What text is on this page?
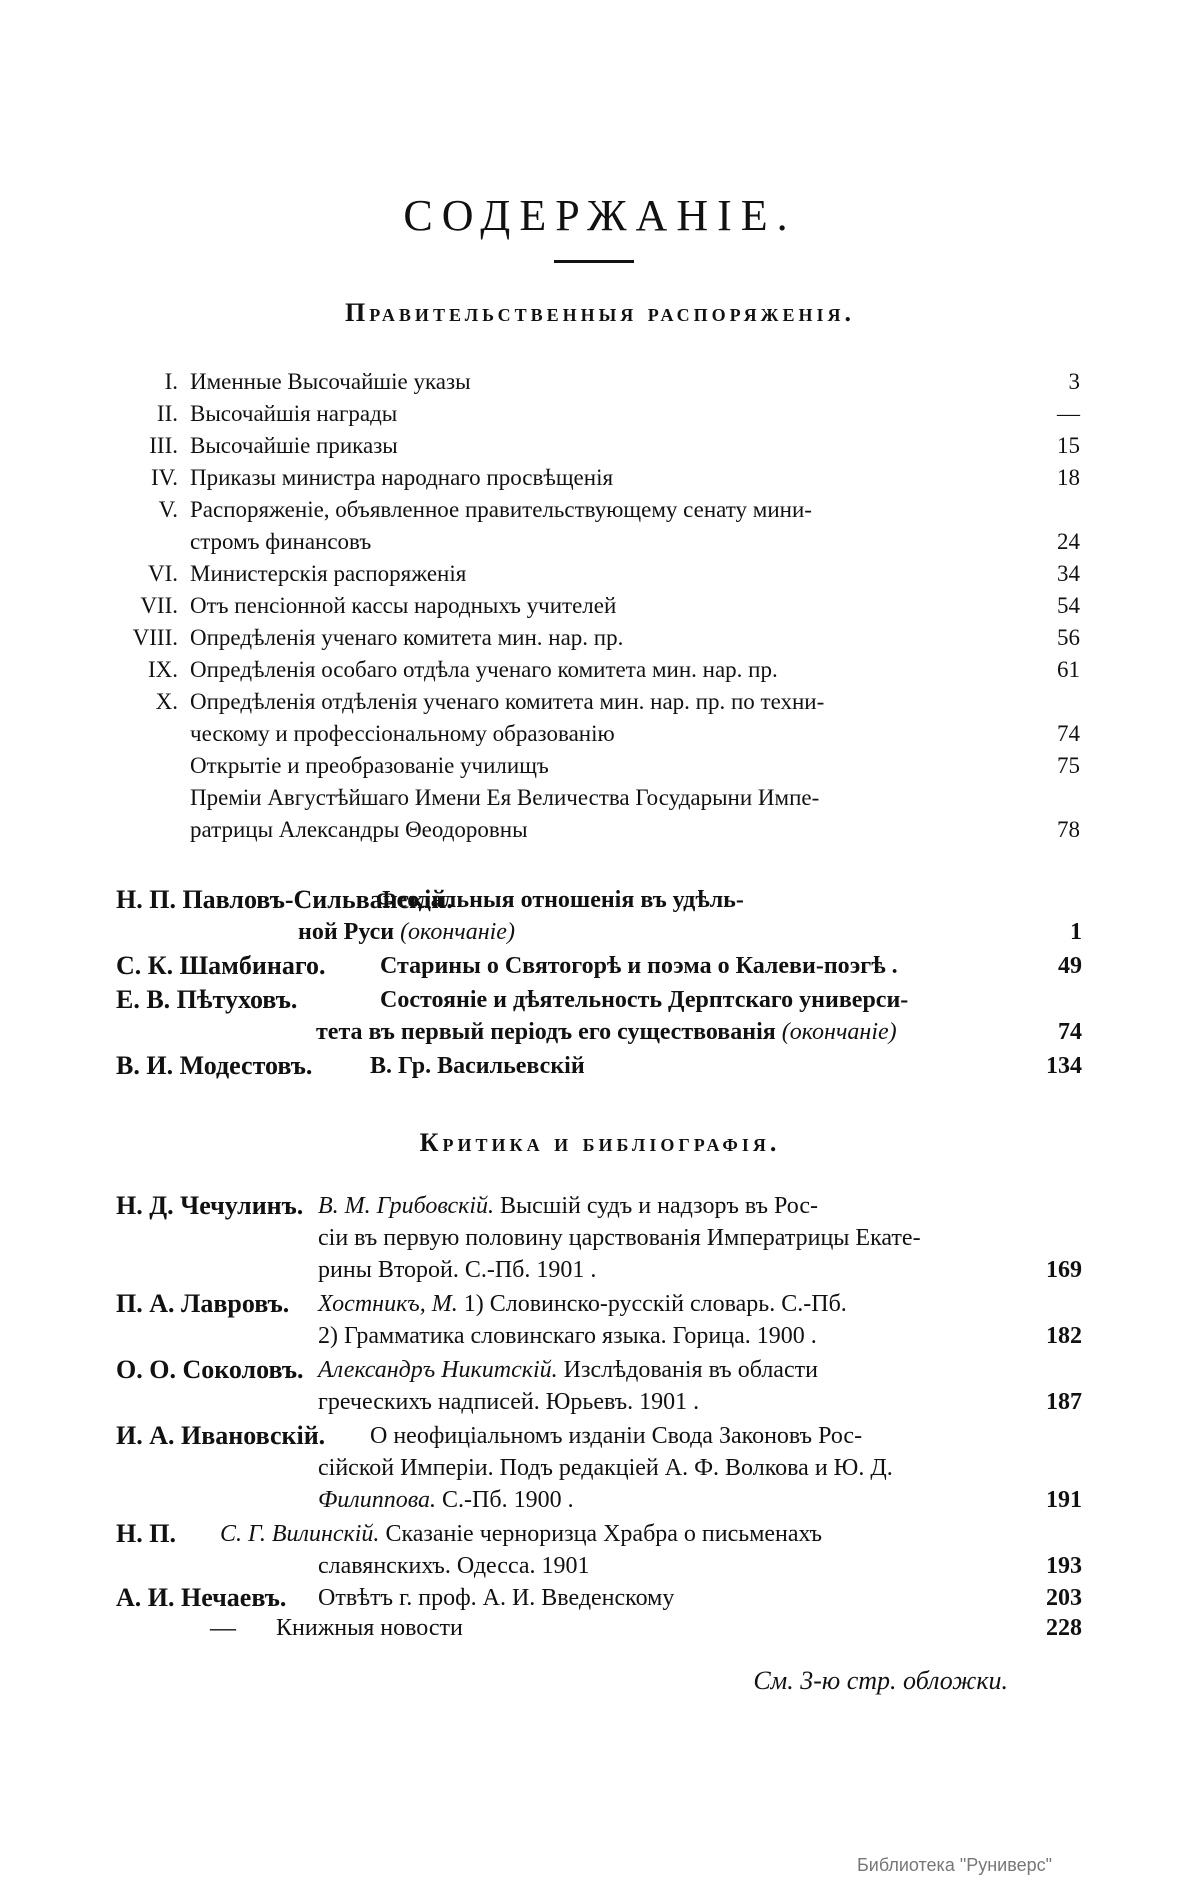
СОДЕРЖАНІЕ.
Правительственныя распоряженія.
I. Именные Высочайшіе указы	3
II. Высочайшія награды	—
III. Высочайшіе приказы	15
IV. Приказы министра народнаго просвѣщенія	18
V. Распоряженіе, объявленное правительствующему сенату мини-
стромъ финансовъ	24
VI. Министерскія распоряженія	34
VII. Отъ пенсіонной кассы народныхъ учителей	54
VIII. Опредѣленія ученаго комитета мин. нар. пр.	56
IX. Опредѣленія особаго отдѣла ученаго комитета мин. нар. пр.	61
X. Опредѣленія отдѣленія ученаго комитета мин. нар. пр. по техни-
ческому и профессіональному образованію	74
Открытіе и преобразованіе училищъ	75
Преміи Августѣйшаго Имени Ея Величества Государыни Импе-
ратрицы Александры Θеодоровны	78
Н. П. Павловъ-Сильванскій.
Феодальныя отношенія въ удѣль-
ной Руси (окончаніе)	1
С. К. Шамбинаго. Старины о Святогорѣ и поэма о Калеви-поэгѣ .	49
Е. В. Пѣтуховъ.	Состояніе и дѣятельность Дерптскаго универси-
тета въ первый періодъ его существованія (окончаніе)	74
В. И. Модестовъ. В. Гр. Васильевскій	134
Критика и библіографія.
Н. Д. Чечулинъ. В. М. Грибовскій. Высшій судъ и надзоръ въ Рос-
сіи въ первую половину царствованія Императрицы Екате-
рины Второй. С.-Пб. 1901 .	169
П. А. Лавровъ. Хостникъ, М. 1) Словинско-русскій словарь. С.-Пб.
2) Грамматика словинскаго языка. Горица. 1900 .	182
О. О. Соколовъ. Александръ Никитскій. Изслѣдованія въ области
греческихъ надписей. Юрьевъ. 1901 .	187
И. А. Ивановскій. О неофиціальномъ изданіи Свода Законовъ Рос-
сійской Имперіи. Подъ редакціей А. Ф. Волкова и Ю. Д.
Филиппова. С.-Пб. 1900 .	191
Н. П. С. Г. Вилинскій. Сказаніе черноризца Храбра о письменахъ
славянскихъ. Одесса. 1901	193
А. И. Нечаевъ. Отвѣтъ г. проф. А. И. Введенскому	203
— Книжныя новости	228
См. 3-ю стр. обложки.
Библиотека "Руниверс"
